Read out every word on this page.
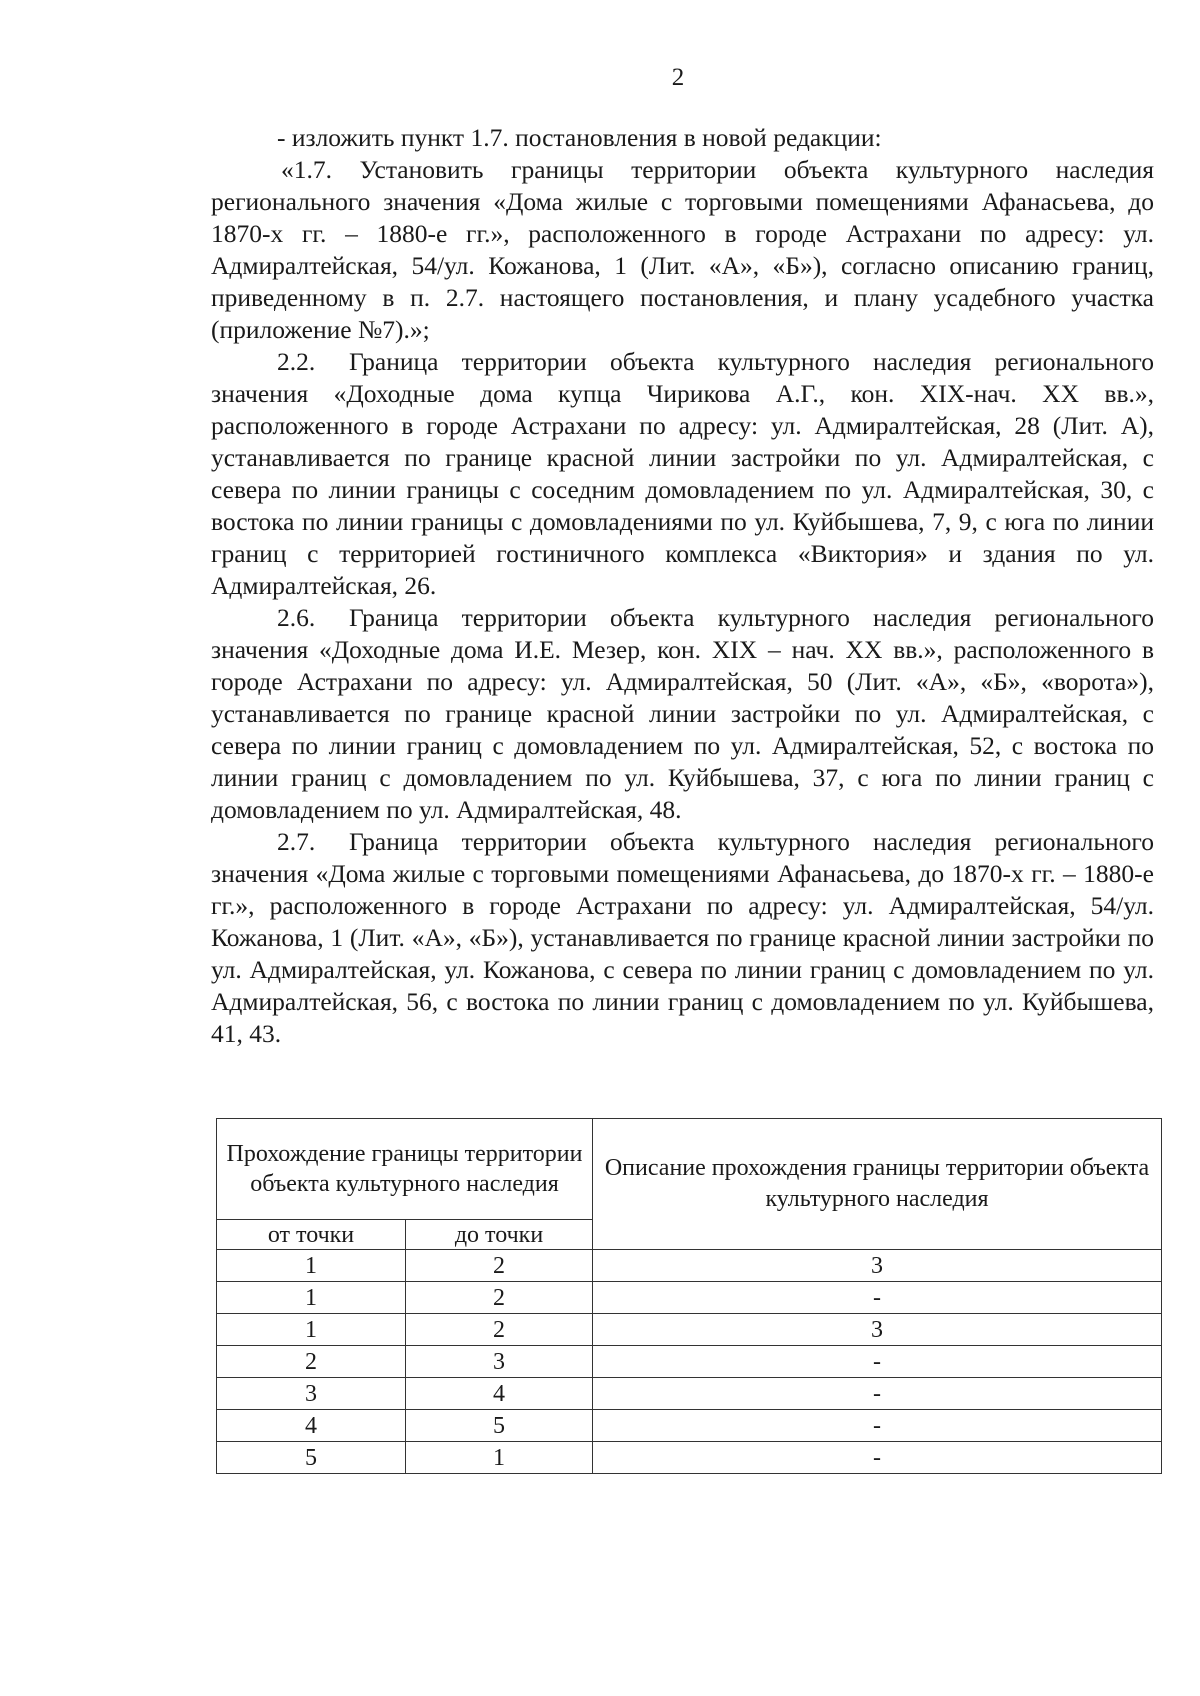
2

- изложить пункт 1.7. постановления в новой редакции:

«1.7. Установить границы территории объекта культурного наследия регионального значения «Дома жилые с торговыми помещениями Афанасьева, до 1870-х гг. – 1880-е гг.», расположенного в городе Астрахани по адресу: ул. Адмиралтейская, 54/ул. Кожанова, 1 (Лит. «А», «Б»), согласно описанию границ, приведенному в п. 2.7. настоящего постановления, и плану усадебного участка (приложение №7).»;

2.2. Граница территории объекта культурного наследия регионального значения «Доходные дома купца Чирикова А.Г., кон. XIX-нач. XX вв.», расположенного в городе Астрахани по адресу: ул. Адмиралтейская, 28 (Лит. А), устанавливается по границе красной линии застройки по ул. Адмиралтейская, с севера по линии границы с соседним домовладением по ул. Адмиралтейская, 30, с востока по линии границы с домовладениями по ул. Куйбышева, 7, 9, с юга по линии границ с территорией гостиничного комплекса «Виктория» и здания по ул. Адмиралтейская, 26.

2.6. Граница территории объекта культурного наследия регионального значения «Доходные дома И.Е. Мезер, кон. XIX – нач. XX вв.», расположенного в городе Астрахани по адресу: ул. Адмиралтейская, 50 (Лит. «А», «Б», «ворота»), устанавливается по границе красной линии застройки по ул. Адмиралтейская, с севера по линии границ с домовладением по ул. Адмиралтейская, 52, с востока по линии границ с домовладением по ул. Куйбышева, 37, с юга по линии границ с домовладением по ул. Адмиралтейская, 48.

2.7. Граница территории объекта культурного наследия регионального значения «Дома жилые с торговыми помещениями Афанасьева, до 1870-х гг. – 1880-е гг.», расположенного в городе Астрахани по адресу: ул. Адмиралтейская, 54/ул. Кожанова, 1 (Лит. «А», «Б»), устанавливается по границе красной линии застройки по ул. Адмиралтейская, ул. Кожанова, с севера по линии границ с домовладением по ул. Адмиралтейская, 56, с востока по линии границ с домовладением по ул. Куйбышева, 41, 43.

Прохождение границы территории объекта культурного наследия		Описание прохождения границы территории объекта культурного наследия
от точки	до точки	
1	2	3
1	2	-
1	2	3
2	3	-
3	4	-
4	5	-
5	1	-
